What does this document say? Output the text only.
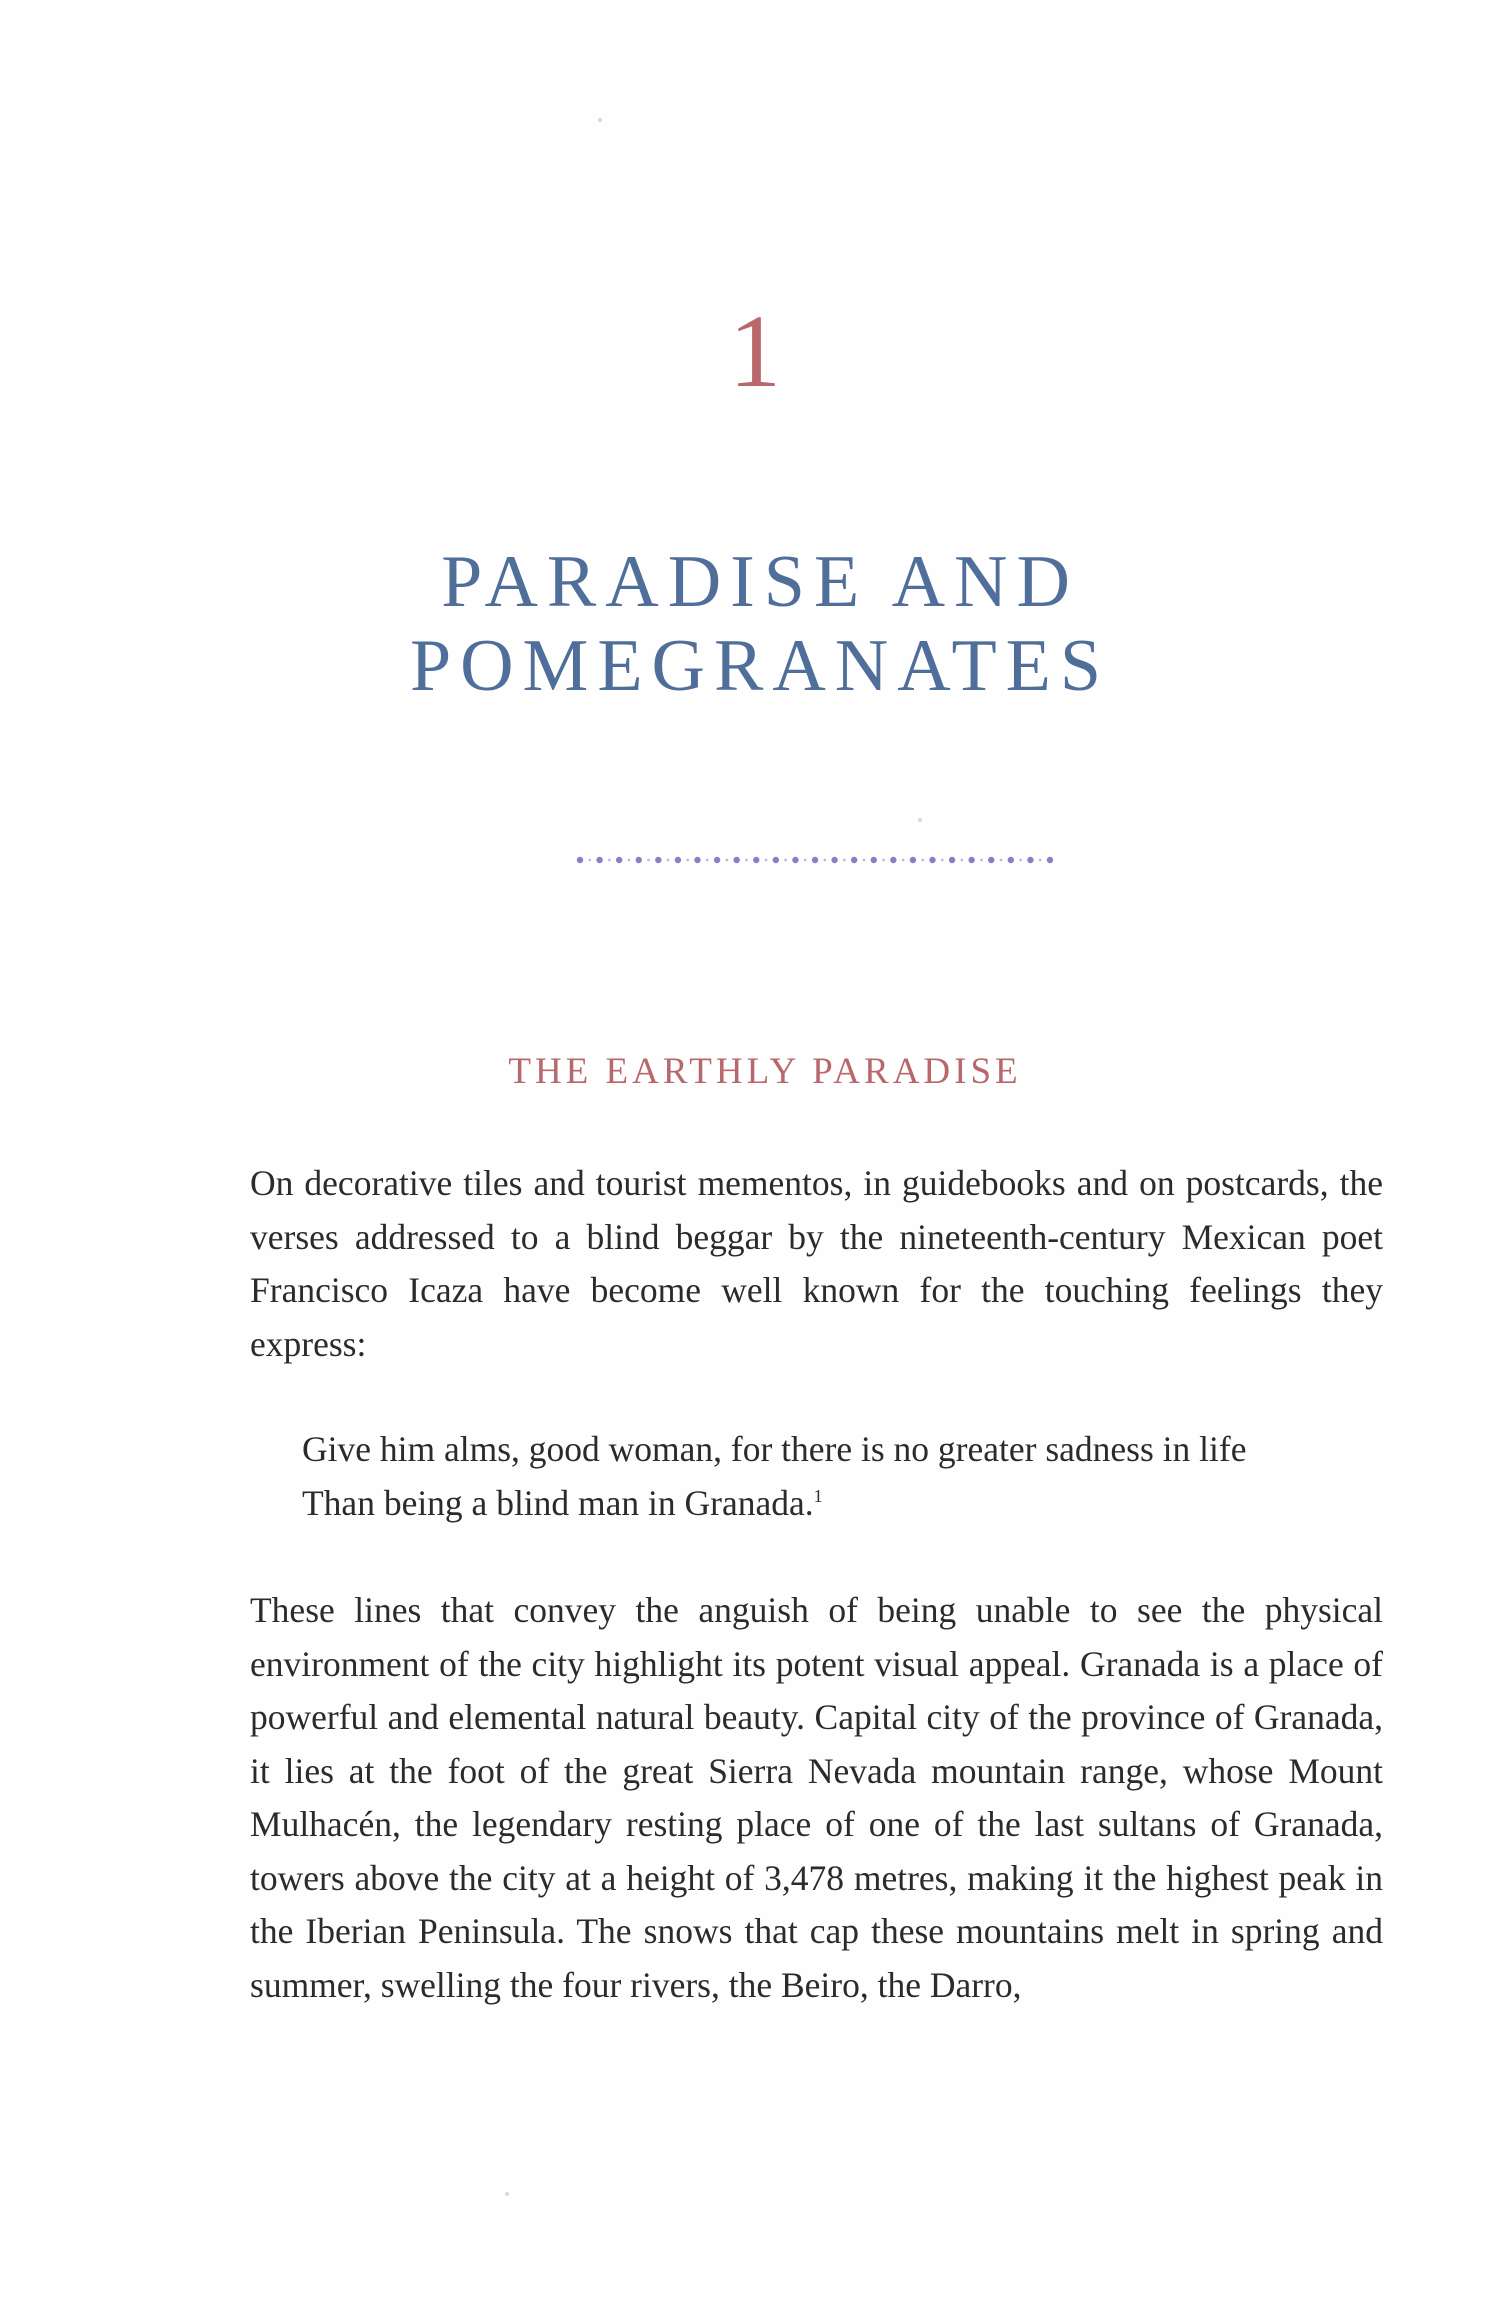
1
PARADISE AND
POMEGRANATES
THE EARTHLY PARADISE

On decorative tiles and tourist mementos, in guidebooks and on postcards, the verses addressed to a blind beggar by the nineteenth-century Mexican poet Francisco Icaza have become well known for the touching feelings they express:

Give him alms, good woman, for there is no greater sadness in life
Than being a blind man in Granada.$^1$

These lines that convey the anguish of being unable to see the physical environment of the city highlight its potent visual appeal. Granada is a place of powerful and elemental natural beauty. Capital city of the province of Granada, it lies at the foot of the great Sierra Nevada mountain range, whose Mount Mulhacén, the legendary resting place of one of the last sultans of Granada, towers above the city at a height of 3,478 metres, making it the highest peak in the Iberian Peninsula. The snows that cap these mountains melt in spring and summer, swelling the four rivers, the Beiro, the Darro,
